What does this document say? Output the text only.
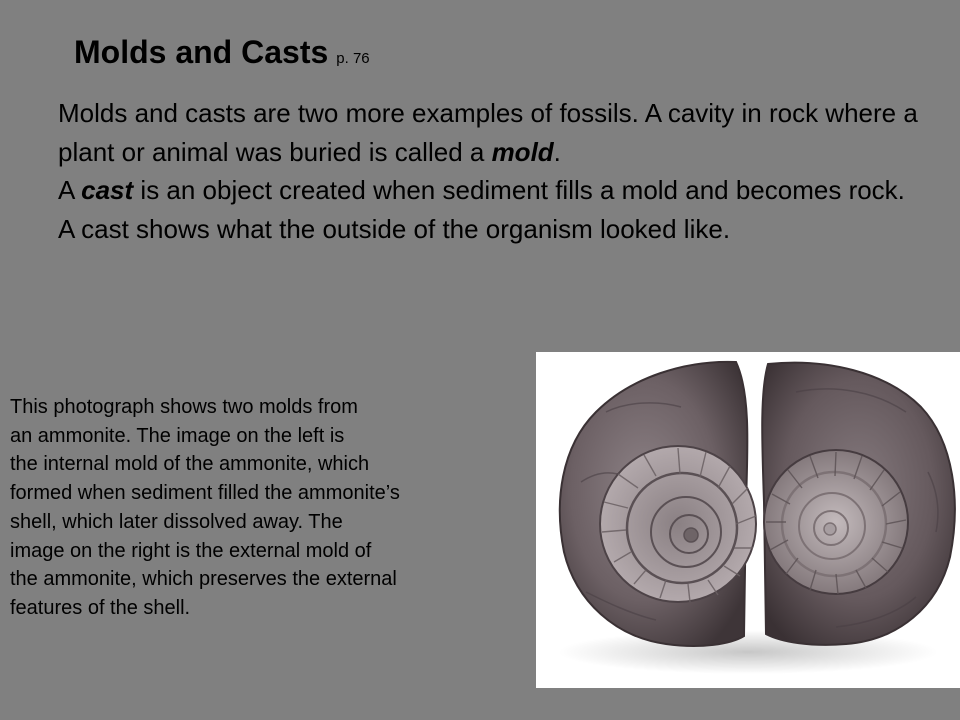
Molds and Casts p. 76

Molds and casts are two more examples of fossils. A cavity in rock where a plant or animal was buried is called a mold.

A cast is an object created when sediment fills a mold and becomes rock. A cast shows what the outside of the organism looked like.

This photograph shows two molds from
an ammonite. The image on the left is
the internal mold of the ammonite, which
formed when sediment filled the ammonite’s
shell, which later dissolved away. The
image on the right is the external mold of
the ammonite, which preserves the external
features of the shell.
